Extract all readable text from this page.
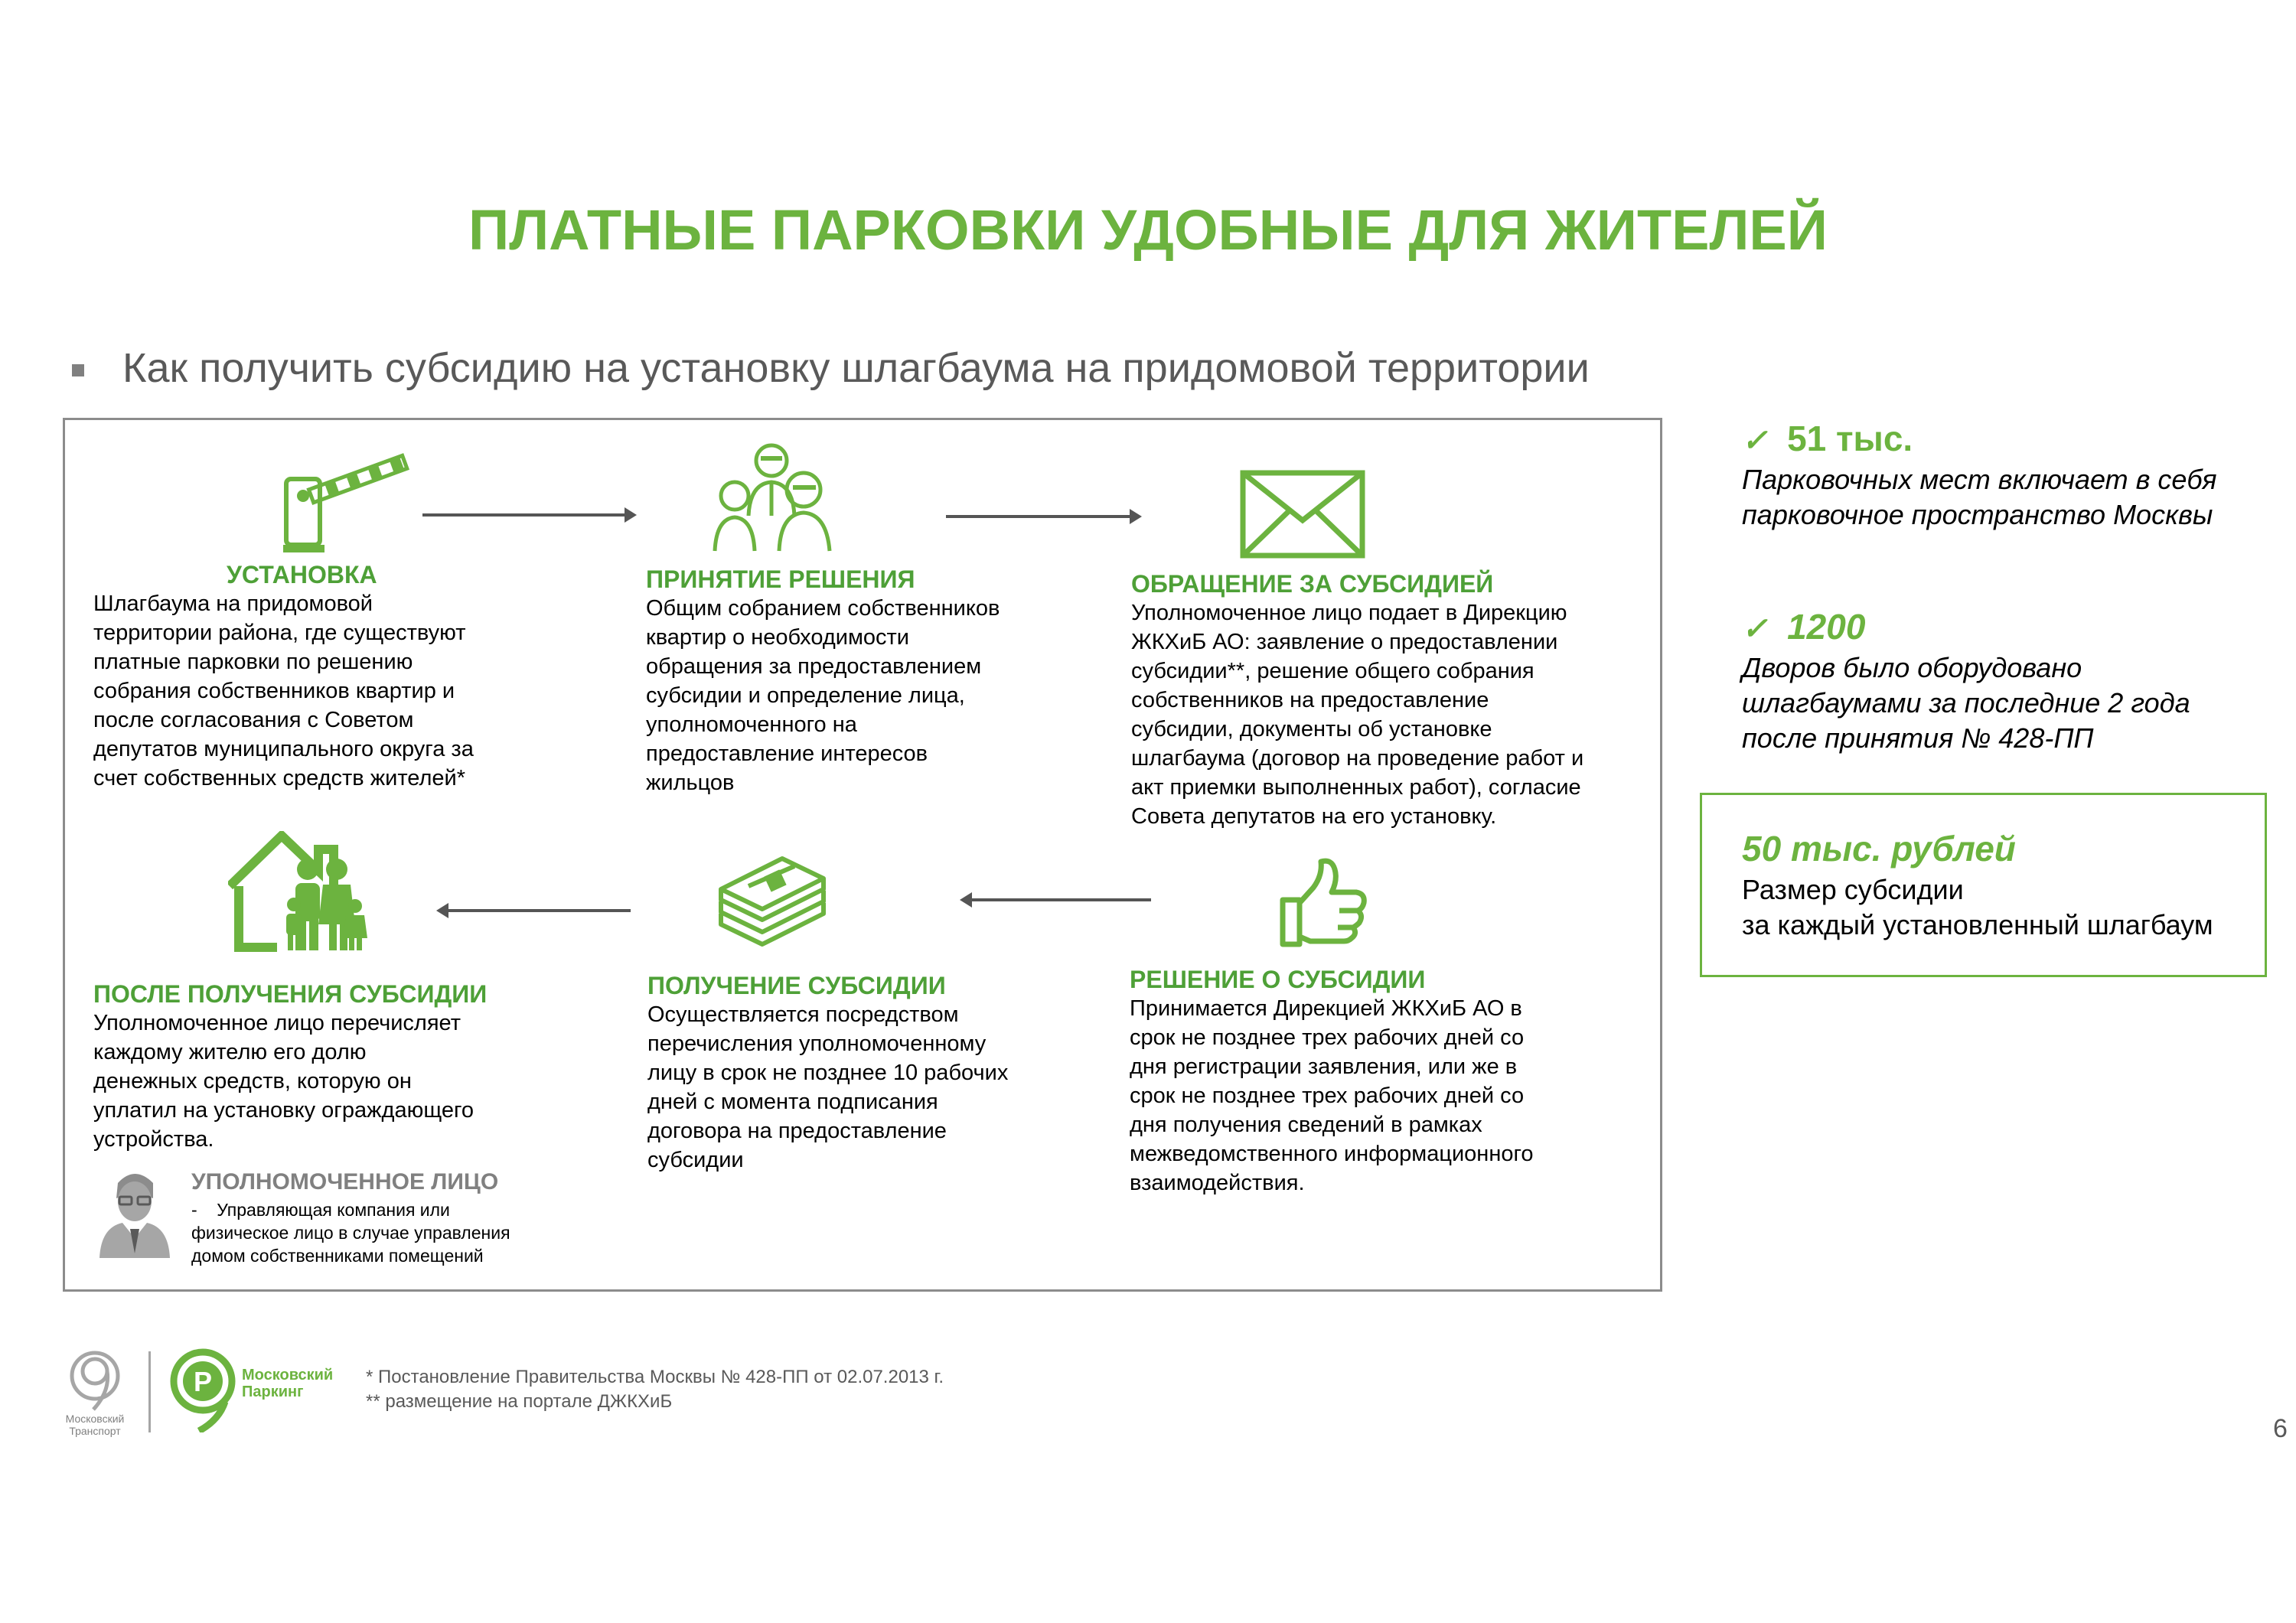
ПЛАТНЫЕ ПАРКОВКИ УДОБНЫЕ ДЛЯ ЖИТЕЛЕЙ
Как получить субсидию на установку шлагбаума на придомовой территории
УСТАНОВКА
Шлагбаума на придомовой
территории района, где существуют
платные парковки по решению
собрания собственников квартир и
после согласования с Советом
депутатов муниципального округа за
счет собственных средств жителей*
ПРИНЯТИЕ РЕШЕНИЯ
Общим собранием собственников
квартир о необходимости
обращения за предоставлением
субсидии и определение лица,
уполномоченного на
предоставление интересов
жильцов
ОБРАЩЕНИЕ ЗА СУБСИДИЕЙ
Уполномоченное лицо подает в Дирекцию
ЖКХиБ АО: заявление о предоставлении
субсидии**, решение общего собрания
собственников на предоставление
субсидии, документы об установке
шлагбаума (договор на проведение работ и
акт приемки выполненных работ), согласие
Совета депутатов на его установку.
ПОСЛЕ ПОЛУЧЕНИЯ СУБСИДИИ
Уполномоченное лицо перечисляет
каждому жителю его долю
денежных средств, которую он
уплатил на установку ограждающего
устройства.
ПОЛУЧЕНИЕ СУБСИДИИ
Осуществляется посредством
перечисления уполномоченному
лицу в срок не позднее 10 рабочих
дней с момента подписания
договора на предоставление
субсидии
РЕШЕНИЕ О СУБСИДИИ
Принимается Дирекцией ЖКХиБ АО в
срок не позднее трех рабочих дней со
дня регистрации заявления, или же в
срок не позднее трех рабочих дней со
дня получения сведений в рамках
межведомственного информационного
взаимодействия.
УПОЛНОМОЧЕННОЕ ЛИЦО
- Управляющая компания или
физическое лицо в случае управления
домом собственниками помещений
✓ 51 тыс.
Парковочных мест включает в себя
парковочное пространство Москвы
✓ 1200
Дворов было оборудовано
шлагбаумами за последние 2 года
после принятия № 428-ПП
50 тыс. рублей
Размер субсидии
за каждый установленный шлагбаум
Московский
Транспорт
P Московский
Паркинг
* Постановление Правительства Москвы № 428-ПП от 02.07.2013 г.
** размещение на портале ДЖКХиБ
6
